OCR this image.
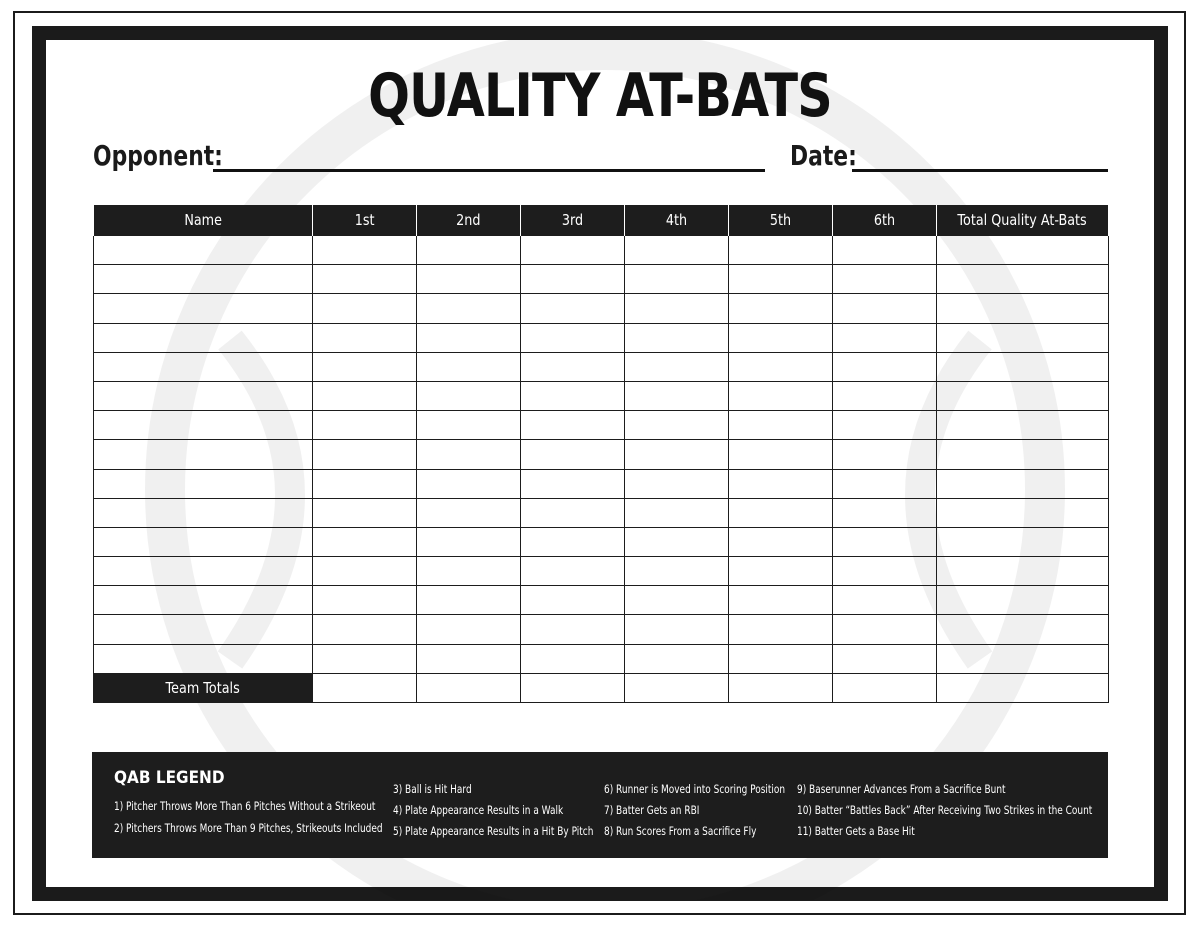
QUALITY AT-BATS
Opponent:	Date:
Name	1st	2nd	3rd	4th	5th	6th	Total Quality At-Bats

Team Totals							
QAB LEGEND
1) Pitcher Throws More Than 6 Pitches Without a Strikeout
2) Pitchers Throws More Than 9 Pitches, Strikeouts Included
3) Ball is Hit Hard
4) Plate Appearance Results in a Walk
5) Plate Appearance Results in a Hit By Pitch
6) Runner is Moved into Scoring Position
7) Batter Gets an RBI
8) Run Scores From a Sacrifice Fly
9) Baserunner Advances From a Sacrifice Bunt
10) Batter “Battles Back” After Receiving Two Strikes in the Count
11) Batter Gets a Base Hit
